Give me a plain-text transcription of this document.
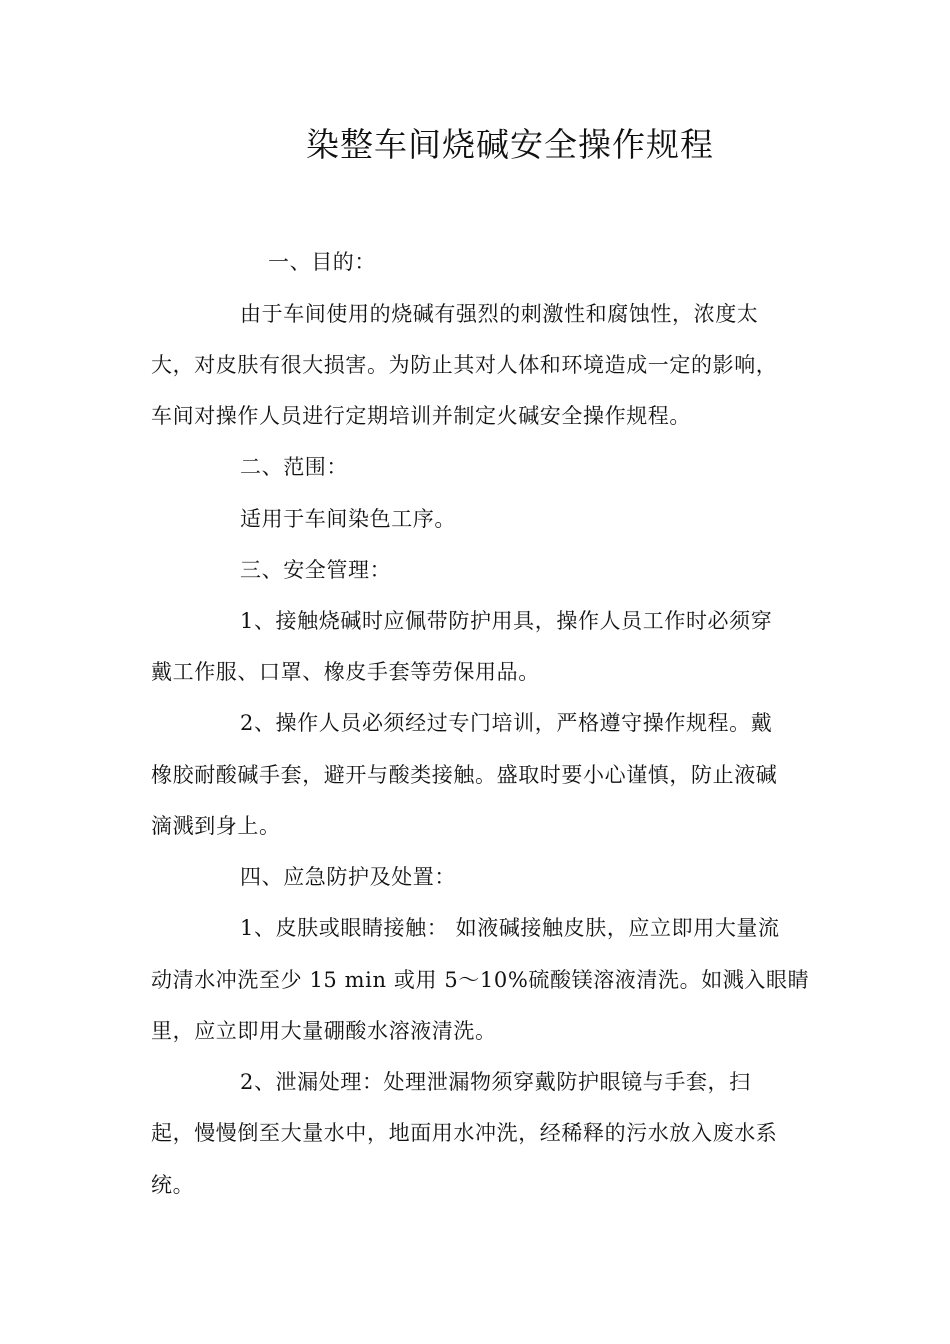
染整车间烧碱安全操作规程

一、目的：

由于车间使用的烧碱有强烈的刺激性和腐蚀性，浓度太

大，对皮肤有很大损害。为防止其对人体和环境造成一定的影响，

车间对操作人员进行定期培训并制定火碱安全操作规程。

二、范围：

适用于车间染色工序。

三、安全管理：

1、接触烧碱时应佩带防护用具，操作人员工作时必须穿

戴工作服、口罩、橡皮手套等劳保用品。

2、操作人员必须经过专门培训，严格遵守操作规程。戴

橡胶耐酸碱手套，避开与酸类接触。盛取时要小心谨慎，防止液碱

滴溅到身上。

四、应急防护及处置：

1、皮肤或眼睛接触： 如液碱接触皮肤，应立即用大量流

动清水冲洗至少 15 min 或用 5～10%硫酸镁溶液清洗。如溅入眼睛

里，应立即用大量硼酸水溶液清洗。

2、泄漏处理：处理泄漏物须穿戴防护眼镜与手套，扫

起，慢慢倒至大量水中，地面用水冲洗，经稀释的污水放入废水系

统。
